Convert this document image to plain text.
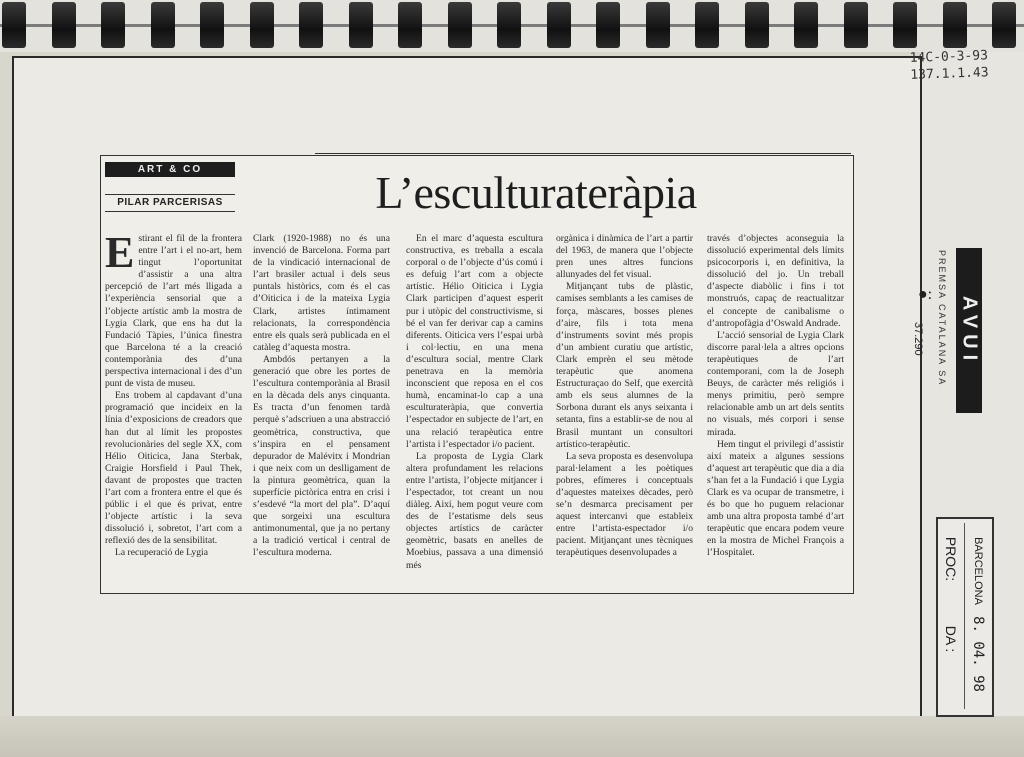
14C-0-3-93
137.1.1.43
ART & CO
PILAR PARCERISAS	L’esculturateràpia
E stirant el fil de la frontera entre l’art i el no-art, hem tingut l’oportunitat d’assistir a una altra percepció de l’art més lligada a l’experiència sensorial que a l’objecte artístic amb la mostra de Lygia Clark, que ens ha dut la Fundació Tàpies, l’única finestra que Barcelona té a la creació contemporània des d’una perspectiva internacional i des d’un punt de vista de museu.

Ens trobem al capdavant d’una programació que incideix en la línia d’exposicions de creadors que han dut al límit les propostes revolucionàries del segle XX, com Hélio Oiticica, Jana Sterbak, Craigie Horsfield i Paul Thek, davant de propostes que tracten l’art com a frontera entre el que és públic i el que és privat, entre l’objecte artístic i la seva dissolució i, sobretot, l’art com a reflexió des de la sensibilitat.

La recuperació de Lygia

Clark (1920-1988) no és una invenció de Barcelona. Forma part de la vindicació internacional de l’art brasiler actual i dels seus puntals històrics, com és el cas d’Oiticica i de la mateixa Lygia Clark, artistes íntimament relacionats, la correspondència entre els quals serà publicada en el catàleg d’aquesta mostra.

Ambdós pertanyen a la generació que obre les portes de l’escultura contemporània al Brasil en la dècada dels anys cinquanta. Es tracta d’un fenomen tardà perquè s’adscriuen a una abstracció geomètrica, constructiva, que s’inspira en el pensament depurador de Malévitx i Mondrian i que neix com un deslligament de la pintura geomètrica, quan la superfície pictòrica entra en crisi i s’esdevé “la mort del pla”. D’aquí que sorgeixi una escultura antimonumental, que ja no pertany a la tradició vertical i central de l’escultura moderna.

En el marc d’aquesta escultura constructiva, es treballa a escala corporal o de l’objecte d’ús comú i es defuig l’art com a objecte artístic. Hélio Oiticica i Lygia Clark participen d’aquest esperit pur i utòpic del constructivisme, si bé el van fer derivar cap a camins diferents. Oiticica vers l’espai urbà i col·lectiu, en una mena d’escultura social, mentre Clark penetrava en la memòria inconscient que reposa en el cos humà, encaminat-lo cap a una esculturateràpia, que convertia l’espectador en subjecte de l’art, en una relació terapèutica entre l’artista i l’espectador i/o pacient.

La proposta de Lygia Clark altera profundament les relacions entre l’artista, l’objecte mitjancer i l’espectador, tot creant un nou diàleg. Així, hem pogut veure com des de l’estatisme dels seus objectes artístics de caràcter geomètric, basats en anelles de Moebius, passava a una dimensió més

orgànica i dinàmica de l’art a partir del 1963, de manera que l’objecte pren unes altres funcions allunyades del fet visual.

Mitjançant tubs de plàstic, camises semblants a les camises de força, màscares, bosses plenes d’aire, fils i tota mena d’instruments sovint més propis d’un ambient curatiu que artístic, Clark emprèn el seu mètode terapèutic que anomena Estructuraçao do Self, que exercità amb els seus alumnes de la Sorbona durant els anys seixanta i setanta, fins a establir-se de nou al Brasil muntant un consultori artístico-terapèutic.

La seva proposta es desenvolupa paral·lelament a les poètiques pobres, efímeres i conceptuals d’aquestes mateixes dècades, però se’n desmarca precisament per aquest intercanvi que estableix entre l’artista-espectador i/o pacient. Mitjançant unes tècniques terapèutiques desenvolupades a

través d’objectes aconseguia la dissolució experimental dels límits psicocorporis i, en definitiva, la dissolució del jo. Un treball d’aspecte diabòlic i fins i tot monstruós, capaç de reactualitzar el concepte de canibalisme o d’antropofàgia d’Oswald Andrade.

L’acció sensorial de Lygia Clark discorre paral·lela a altres opcions terapèutiques de l’art contemporani, com la de Joseph Beuys, de caràcter més religiós i menys primitiu, però sempre relacionable amb un art dels sentits no visuals, més corpori i sense mirada.

Hem tingut el privilegi d’assistir així mateix a algunes sessions d’aquest art terapèutic que dia a dia s’han fet a la Fundació i que Lygia Clark es va ocupar de transmetre, i és bo que ho puguem relacionar amb una altra proposta també d’art terapèutic que encara podem veure en la mostra de Michel François a l’Hospitalet.

PREMSA CATALANA SA AVUI
●:
37.290
PROC:
DA :
BARCELONA
8. 04. 98
